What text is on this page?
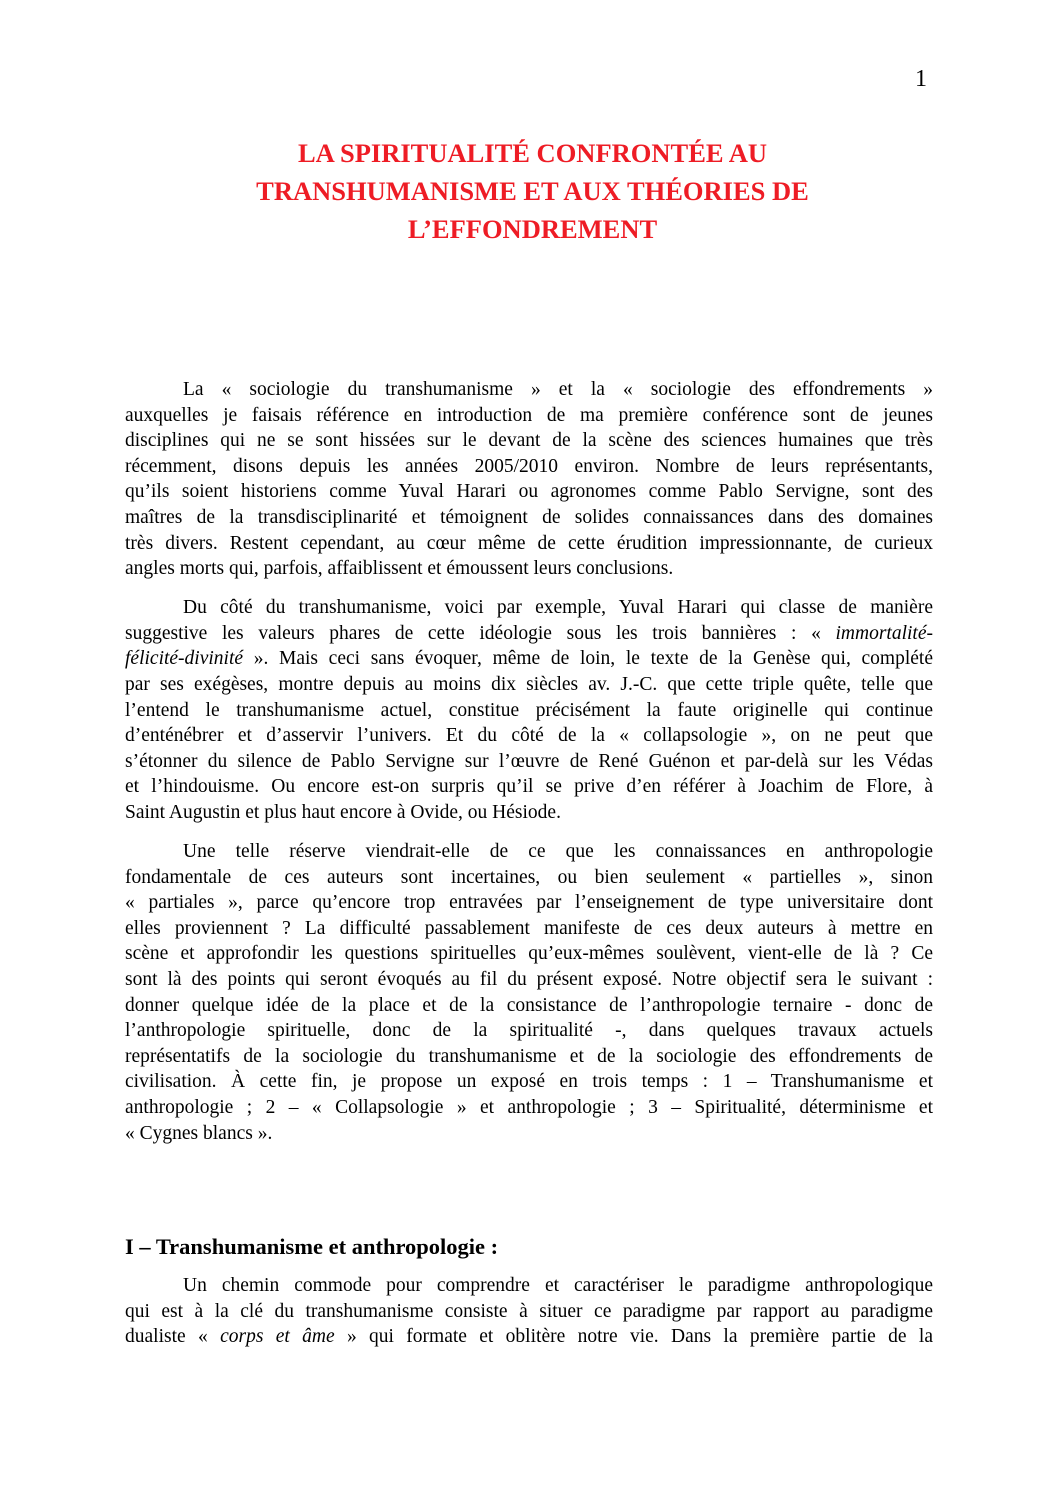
1
LA SPIRITUALITÉ CONFRONTÉE AU
TRANSHUMANISME ET AUX THÉORIES DE
L’EFFONDREMENT

La « sociologie du transhumanisme » et la « sociologie des effondrements »
auxquelles je faisais référence en introduction de ma première conférence sont de jeunes
disciplines qui ne se sont hissées sur le devant de la scène des sciences humaines que très
récemment, disons depuis les années 2005/2010 environ. Nombre de leurs représentants,
qu’ils soient historiens comme Yuval Harari ou agronomes comme Pablo Servigne, sont des
maîtres de la transdisciplinarité et témoignent de solides connaissances dans des domaines
très divers. Restent cependant, au cœur même de cette érudition impressionnante, de curieux
angles morts qui, parfois, affaiblissent et émoussent leurs conclusions.

Du côté du transhumanisme, voici par exemple, Yuval Harari qui classe de manière
suggestive les valeurs phares de cette idéologie sous les trois bannières : « immortalité-
félicité-divinité ». Mais ceci sans évoquer, même de loin, le texte de la Genèse qui, complété
par ses exégèses, montre depuis au moins dix siècles av. J.-C. que cette triple quête, telle que
l’entend le transhumanisme actuel, constitue précisément la faute originelle qui continue
d’enténébrer et d’asservir l’univers. Et du côté de la « collapsologie », on ne peut que
s’étonner du silence de Pablo Servigne sur l’œuvre de René Guénon et par-delà sur les Védas
et l’hindouisme. Ou encore est-on surpris qu’il se prive d’en référer à Joachim de Flore, à
Saint Augustin et plus haut encore à Ovide, ou Hésiode.

Une telle réserve viendrait-elle de ce que les connaissances en anthropologie
fondamentale de ces auteurs sont incertaines, ou bien seulement « partielles », sinon
« partiales », parce qu’encore trop entravées par l’enseignement de type universitaire dont
elles proviennent ? La difficulté passablement manifeste de ces deux auteurs à mettre en
scène et approfondir les questions spirituelles qu’eux-mêmes soulèvent, vient-elle de là ? Ce
sont là des points qui seront évoqués au fil du présent exposé. Notre objectif sera le suivant :
donner quelque idée de la place et de la consistance de l’anthropologie ternaire - donc de
l’anthropologie spirituelle, donc de la spiritualité -, dans quelques travaux actuels
représentatifs de la sociologie du transhumanisme et de la sociologie des effondrements de
civilisation. À cette fin, je propose un exposé en trois temps : 1 – Transhumanisme et
anthropologie ; 2 – « Collapsologie » et anthropologie ; 3 – Spiritualité, déterminisme et
« Cygnes blancs ».

I – Transhumanisme et anthropologie :

Un chemin commode pour comprendre et caractériser le paradigme anthropologique
qui est à la clé du transhumanisme consiste à situer ce paradigme par rapport au paradigme
dualiste « corps et âme » qui formate et oblitère notre vie. Dans la première partie de la
